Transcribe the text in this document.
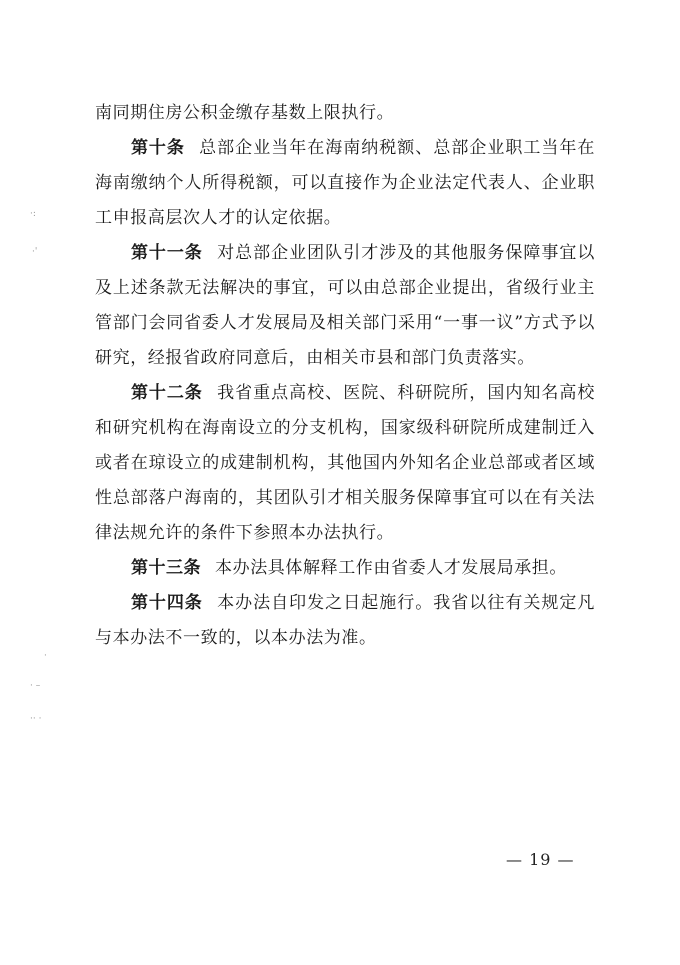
南同期住房公积金缴存基数上限执行。

第十条 总部企业当年在海南纳税额、总部企业职工当年在海南缴纳个人所得税额，可以直接作为企业法定代表人、企业职工申报高层次人才的认定依据。

第十一条 对总部企业团队引才涉及的其他服务保障事宜以及上述条款无法解决的事宜，可以由总部企业提出，省级行业主管部门会同省委人才发展局及相关部门采用“一事一议”方式予以研究，经报省政府同意后，由相关市县和部门负责落实。

第十二条 我省重点高校、医院、科研院所，国内知名高校和研究机构在海南设立的分支机构，国家级科研院所成建制迁入或者在琼设立的成建制机构，其他国内外知名企业总部或者区域性总部落户海南的，其团队引才相关服务保障事宜可以在有关法律法规允许的条件下参照本办法执行。

第十三条 本办法具体解释工作由省委人才发展局承担。

第十四条 本办法自印发之日起施行。我省以往有关规定凡与本办法不一致的，以本办法为准。

— 19 —
·:
·'
·
· –
·· ·
